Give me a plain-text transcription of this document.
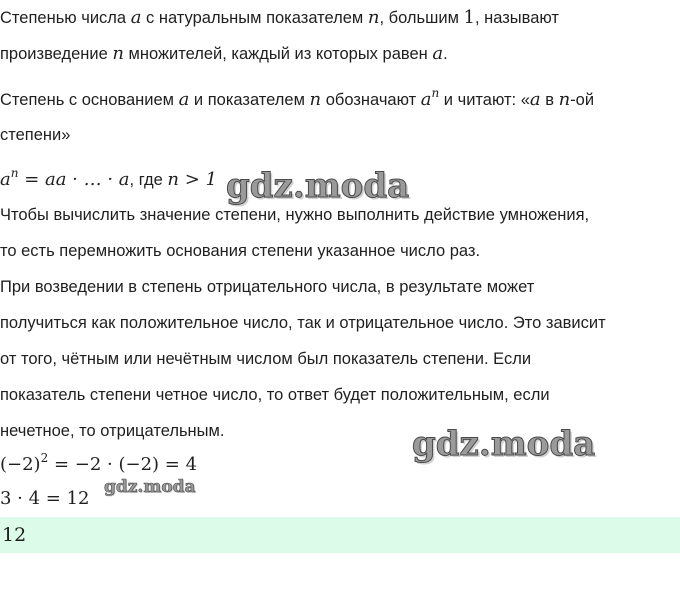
Степенью числа a с натуральным показателем n, большим 1, называют
произведение n множителей, каждый из которых равен a.
Степень с основанием a и показателем n обозначают $a^n$ и читают: «a в n-ой
степени»
$a^n$ = aa · … · a, где n > 1
Чтобы вычислить значение степени, нужно выполнить действие умножения,
то есть перемножить основания степени указанное число раз.
При возведении в степень отрицательного числа, в результате может
получиться как положительное число, так и отрицательное число. Это зависит
от того, чётным или нечётным числом был показатель степени. Если
показатель степени четное число, то ответ будет положительным, если
нечетное, то отрицательным.
$(-2)^2 = -2 \cdot (-2) = 4$
3 · 4 = 12
12
gdz.moda
gdz.moda
gdz.moda
